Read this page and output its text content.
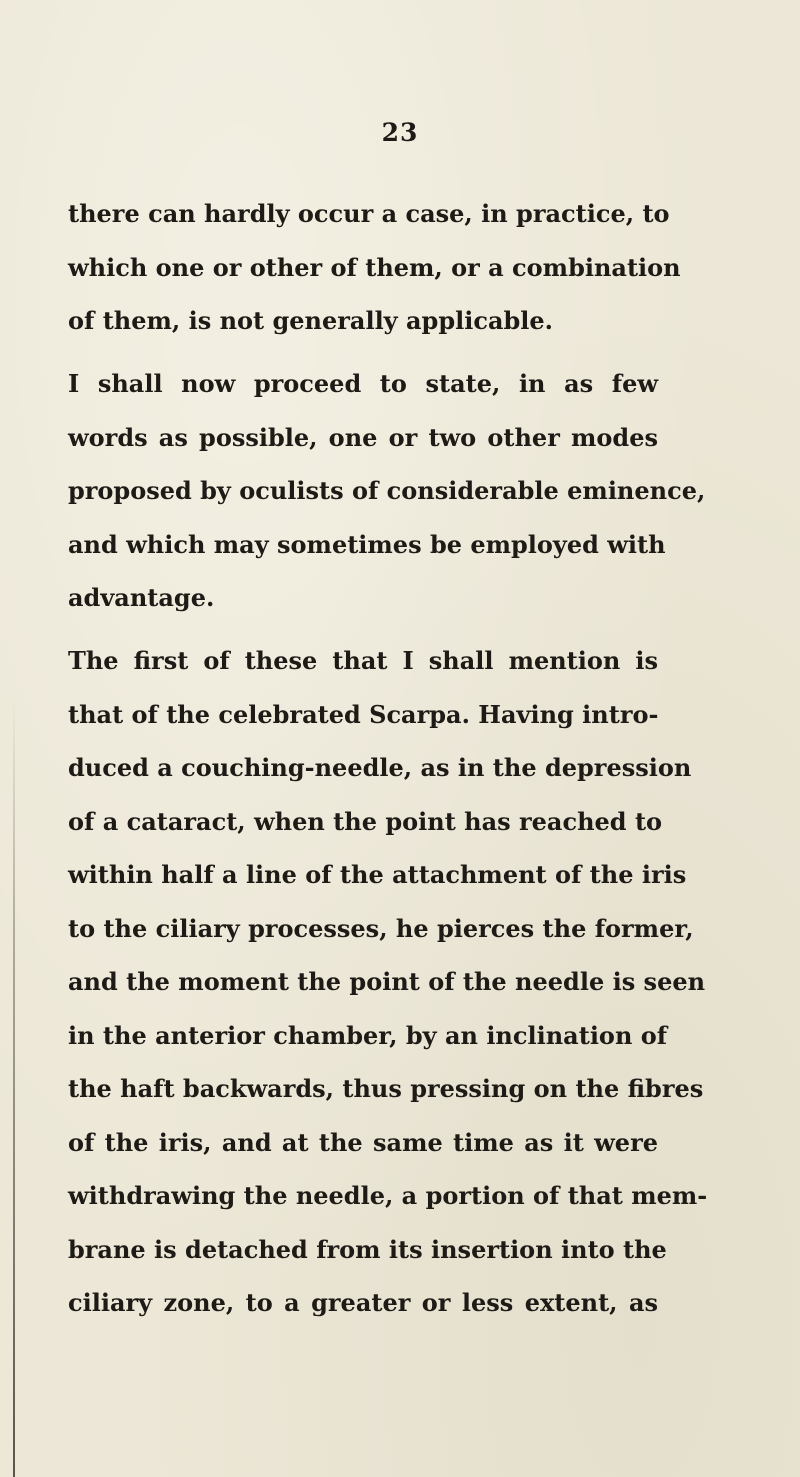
23
there can hardly occur a case, in practice, to
which one or other of them, or a combination
of them, is not generally applicable.
I shall now proceed to state, in as few
words as possible, one or two other modes
proposed by oculists of considerable eminence,
and which may sometimes be employed with
advantage.
The first of these that I shall mention is
that of the celebrated Scarpa. Having intro-
duced a couching-needle, as in the depression
of a cataract, when the point has reached to
within half a line of the attachment of the iris
to the ciliary processes, he pierces the former,
and the moment the point of the needle is seen
in the anterior chamber, by an inclination of
the haft backwards, thus pressing on the fibres
of the iris, and at the same time as it were
withdrawing the needle, a portion of that mem-
brane is detached from its insertion into the
ciliary zone, to a greater or less extent, as
